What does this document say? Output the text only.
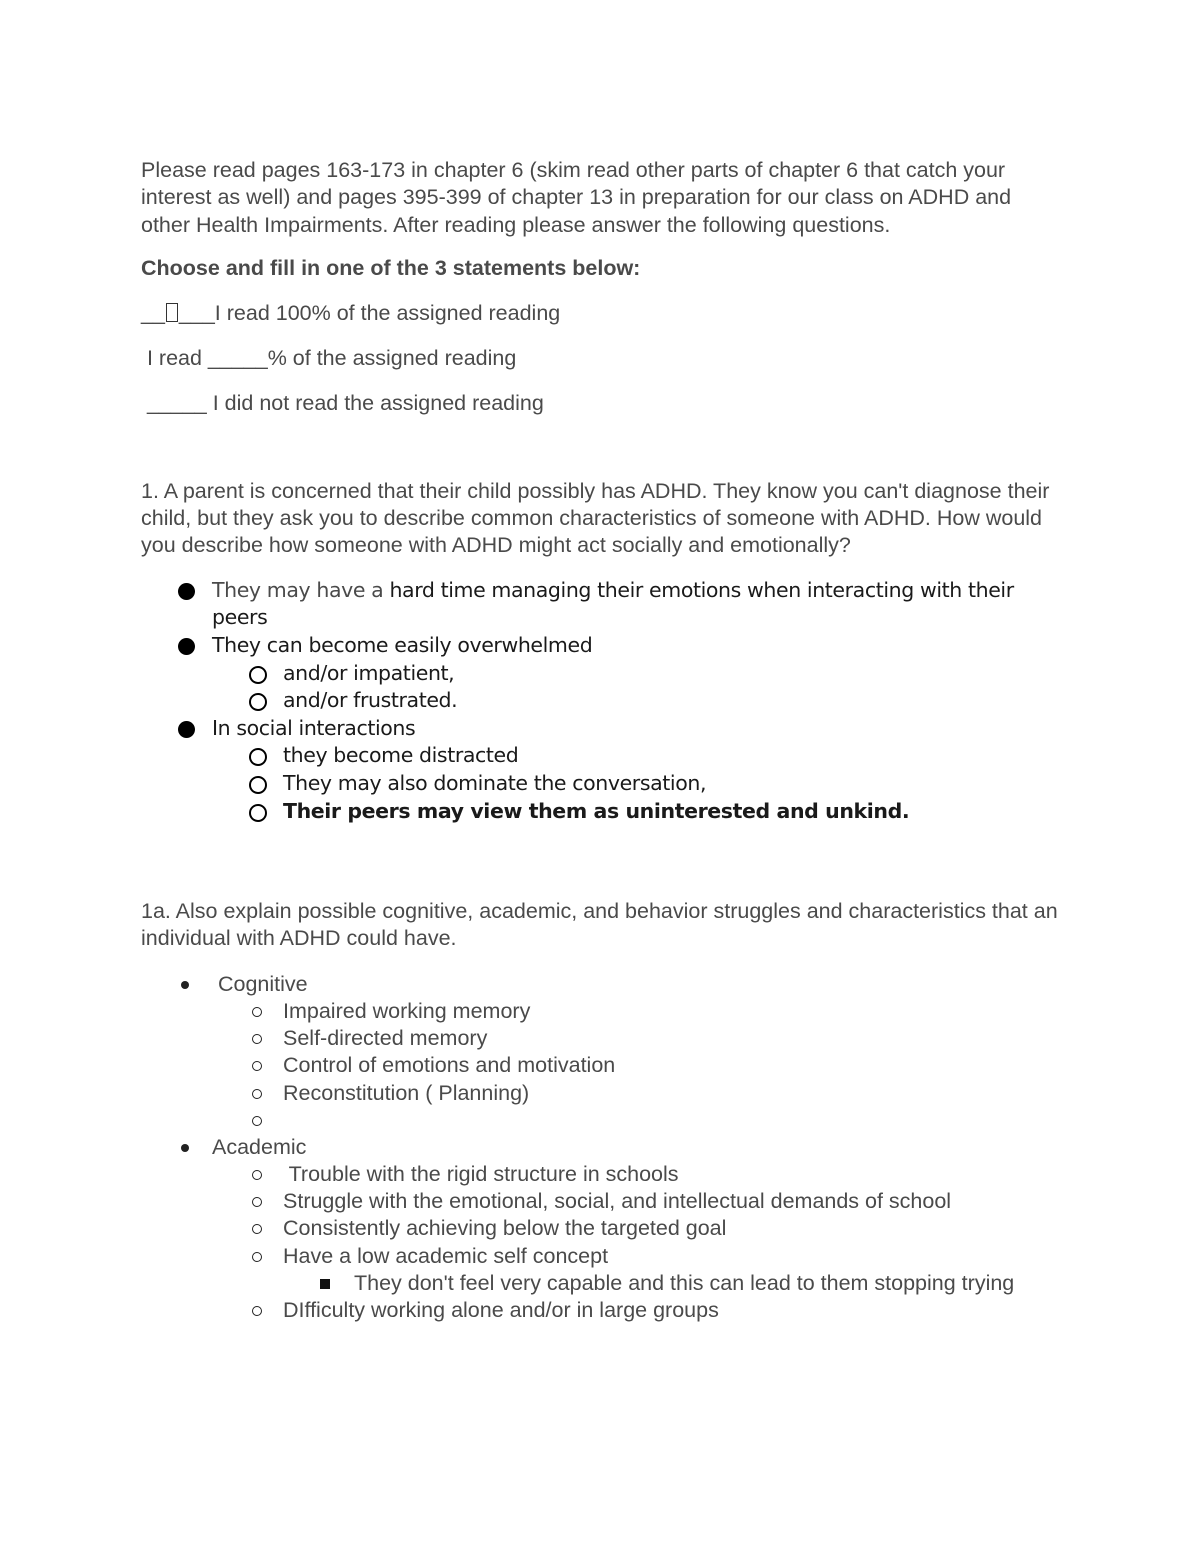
Please read pages 163-173 in chapter 6 (skim read other parts of chapter 6 that catch your interest as well) and pages 395-399 of chapter 13 in preparation for our class on ADHD and other Health Impairments. After reading please answer the following questions.

Choose and fill in one of the 3 statements below:
__ ___I read 100% of the assigned reading
I read _____% of the assigned reading
_____ I did not read the assigned reading

1. A parent is concerned that their child possibly has ADHD. They know you can't diagnose their child, but they ask you to describe common characteristics of someone with ADHD. How would you describe how someone with ADHD might act socially and emotionally?

They may have a hard time managing their emotions when interacting with their peers
They can become easily overwhelmed
and/or impatient,
and/or frustrated.
In social interactions
they become distracted
They may also dominate the conversation,
Their peers may view them as uninterested and unkind.

1a. Also explain possible cognitive, academic, and behavior struggles and characteristics that an individual with ADHD could have.

Cognitive
Impaired working memory
Self-directed memory
Control of emotions and motivation
Reconstitution ( Planning)
Academic
Trouble with the rigid structure in schools
Struggle with the emotional, social, and intellectual demands of school
Consistently achieving below the targeted goal
Have a low academic self concept
They don't feel very capable and this can lead to them stopping trying
DIfficulty working alone and/or in large groups
